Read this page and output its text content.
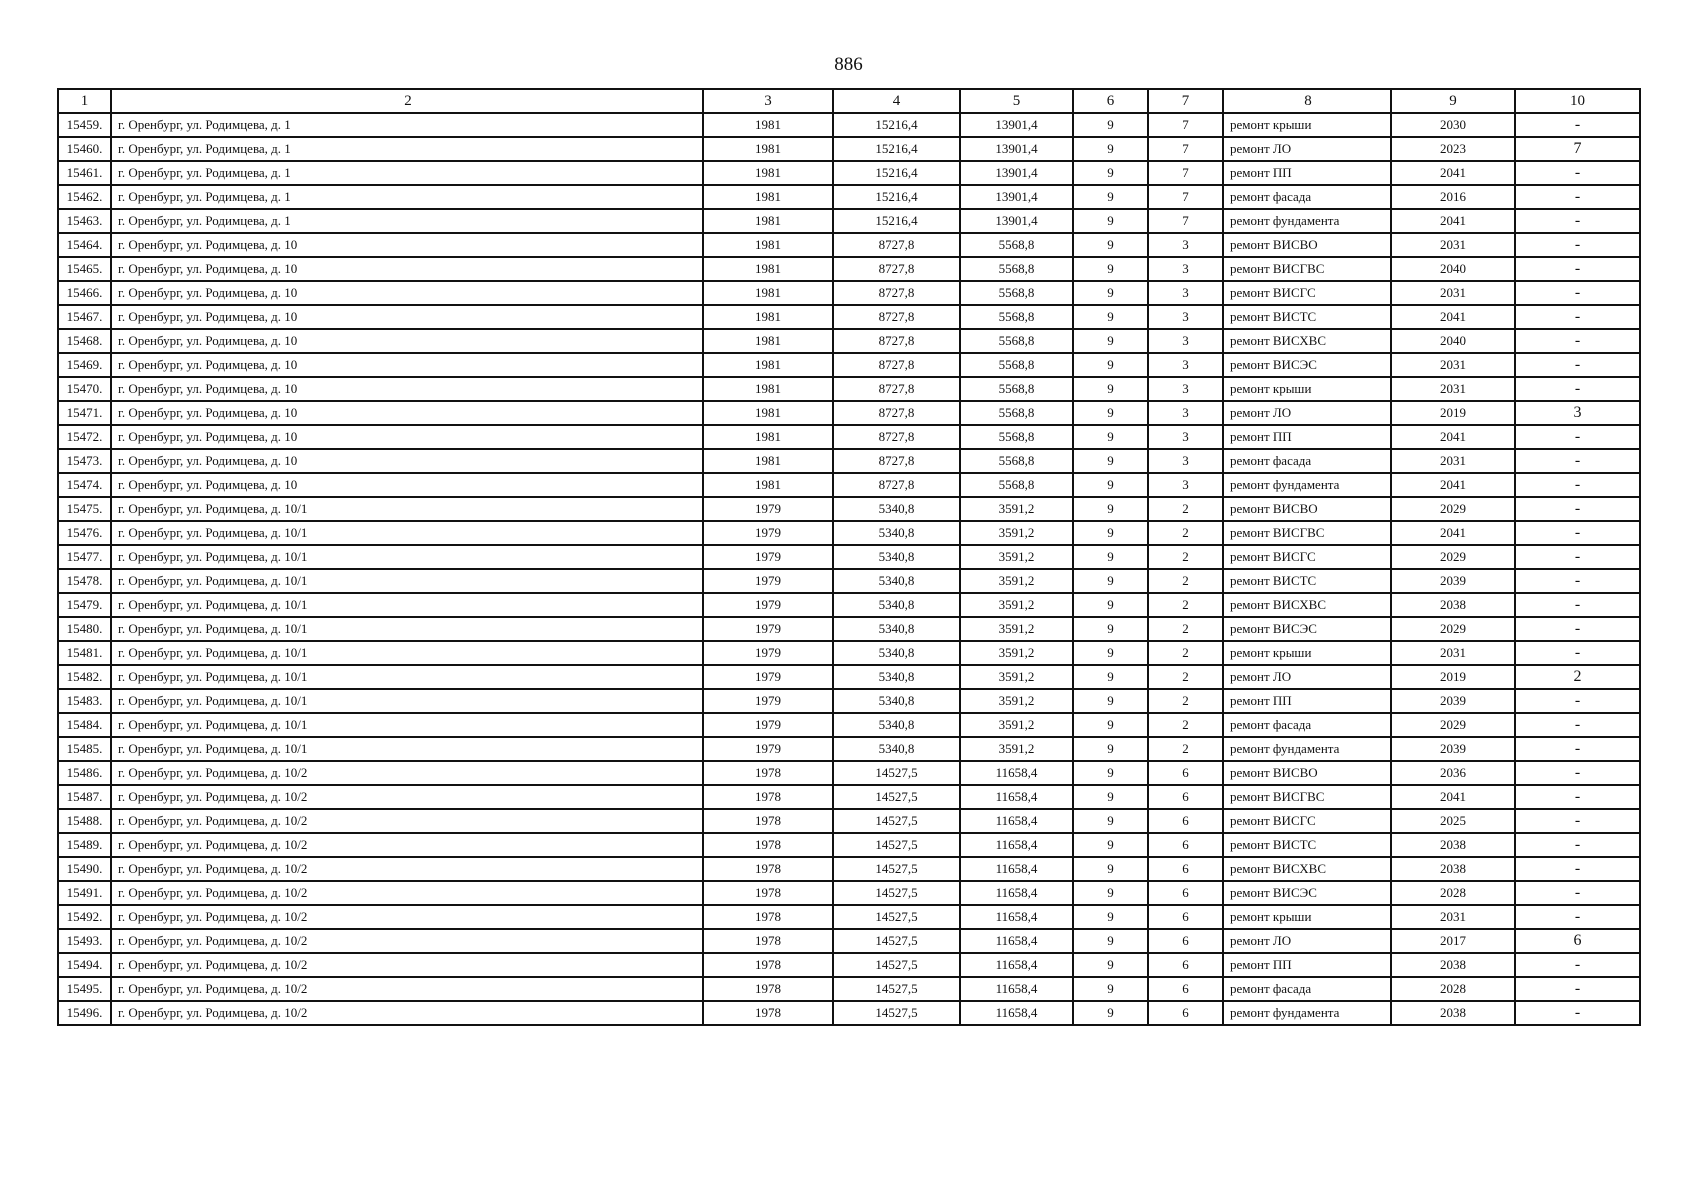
886
1	2	3	4	5	6	7	8	9	10
15459.	г. Оренбург, ул. Родимцева, д. 1	1981	15216,4	13901,4	9	7	ремонт крыши	2030	-
15460.	г. Оренбург, ул. Родимцева, д. 1	1981	15216,4	13901,4	9	7	ремонт ЛО	2023	7
15461.	г. Оренбург, ул. Родимцева, д. 1	1981	15216,4	13901,4	9	7	ремонт ПП	2041	-
15462.	г. Оренбург, ул. Родимцева, д. 1	1981	15216,4	13901,4	9	7	ремонт фасада	2016	-
15463.	г. Оренбург, ул. Родимцева, д. 1	1981	15216,4	13901,4	9	7	ремонт фундамента	2041	-
15464.	г. Оренбург, ул. Родимцева, д. 10	1981	8727,8	5568,8	9	3	ремонт ВИСВО	2031	-
15465.	г. Оренбург, ул. Родимцева, д. 10	1981	8727,8	5568,8	9	3	ремонт ВИСГВС	2040	-
15466.	г. Оренбург, ул. Родимцева, д. 10	1981	8727,8	5568,8	9	3	ремонт ВИСГС	2031	-
15467.	г. Оренбург, ул. Родимцева, д. 10	1981	8727,8	5568,8	9	3	ремонт ВИСТС	2041	-
15468.	г. Оренбург, ул. Родимцева, д. 10	1981	8727,8	5568,8	9	3	ремонт ВИСХВС	2040	-
15469.	г. Оренбург, ул. Родимцева, д. 10	1981	8727,8	5568,8	9	3	ремонт ВИСЭС	2031	-
15470.	г. Оренбург, ул. Родимцева, д. 10	1981	8727,8	5568,8	9	3	ремонт крыши	2031	-
15471.	г. Оренбург, ул. Родимцева, д. 10	1981	8727,8	5568,8	9	3	ремонт ЛО	2019	3
15472.	г. Оренбург, ул. Родимцева, д. 10	1981	8727,8	5568,8	9	3	ремонт ПП	2041	-
15473.	г. Оренбург, ул. Родимцева, д. 10	1981	8727,8	5568,8	9	3	ремонт фасада	2031	-
15474.	г. Оренбург, ул. Родимцева, д. 10	1981	8727,8	5568,8	9	3	ремонт фундамента	2041	-
15475.	г. Оренбург, ул. Родимцева, д. 10/1	1979	5340,8	3591,2	9	2	ремонт ВИСВО	2029	-
15476.	г. Оренбург, ул. Родимцева, д. 10/1	1979	5340,8	3591,2	9	2	ремонт ВИСГВС	2041	-
15477.	г. Оренбург, ул. Родимцева, д. 10/1	1979	5340,8	3591,2	9	2	ремонт ВИСГС	2029	-
15478.	г. Оренбург, ул. Родимцева, д. 10/1	1979	5340,8	3591,2	9	2	ремонт ВИСТС	2039	-
15479.	г. Оренбург, ул. Родимцева, д. 10/1	1979	5340,8	3591,2	9	2	ремонт ВИСХВС	2038	-
15480.	г. Оренбург, ул. Родимцева, д. 10/1	1979	5340,8	3591,2	9	2	ремонт ВИСЭС	2029	-
15481.	г. Оренбург, ул. Родимцева, д. 10/1	1979	5340,8	3591,2	9	2	ремонт крыши	2031	-
15482.	г. Оренбург, ул. Родимцева, д. 10/1	1979	5340,8	3591,2	9	2	ремонт ЛО	2019	2
15483.	г. Оренбург, ул. Родимцева, д. 10/1	1979	5340,8	3591,2	9	2	ремонт ПП	2039	-
15484.	г. Оренбург, ул. Родимцева, д. 10/1	1979	5340,8	3591,2	9	2	ремонт фасада	2029	-
15485.	г. Оренбург, ул. Родимцева, д. 10/1	1979	5340,8	3591,2	9	2	ремонт фундамента	2039	-
15486.	г. Оренбург, ул. Родимцева, д. 10/2	1978	14527,5	11658,4	9	6	ремонт ВИСВО	2036	-
15487.	г. Оренбург, ул. Родимцева, д. 10/2	1978	14527,5	11658,4	9	6	ремонт ВИСГВС	2041	-
15488.	г. Оренбург, ул. Родимцева, д. 10/2	1978	14527,5	11658,4	9	6	ремонт ВИСГС	2025	-
15489.	г. Оренбург, ул. Родимцева, д. 10/2	1978	14527,5	11658,4	9	6	ремонт ВИСТС	2038	-
15490.	г. Оренбург, ул. Родимцева, д. 10/2	1978	14527,5	11658,4	9	6	ремонт ВИСХВС	2038	-
15491.	г. Оренбург, ул. Родимцева, д. 10/2	1978	14527,5	11658,4	9	6	ремонт ВИСЭС	2028	-
15492.	г. Оренбург, ул. Родимцева, д. 10/2	1978	14527,5	11658,4	9	6	ремонт крыши	2031	-
15493.	г. Оренбург, ул. Родимцева, д. 10/2	1978	14527,5	11658,4	9	6	ремонт ЛО	2017	6
15494.	г. Оренбург, ул. Родимцева, д. 10/2	1978	14527,5	11658,4	9	6	ремонт ПП	2038	-
15495.	г. Оренбург, ул. Родимцева, д. 10/2	1978	14527,5	11658,4	9	6	ремонт фасада	2028	-
15496.	г. Оренбург, ул. Родимцева, д. 10/2	1978	14527,5	11658,4	9	6	ремонт фундамента	2038	-
